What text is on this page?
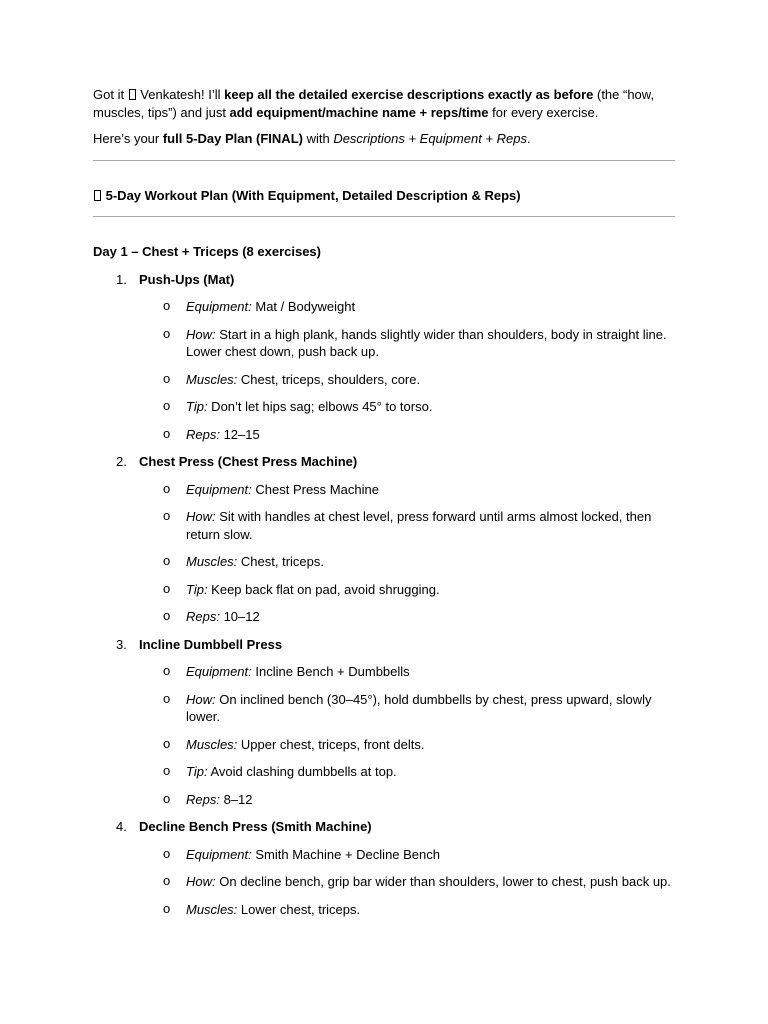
Got it  Venkatesh! I’ll keep all the detailed exercise descriptions exactly as before (the “how, muscles, tips”) and just add equipment/machine name + reps/time for every exercise.

Here’s your full 5-Day Plan (FINAL) with Descriptions + Equipment + Reps.

5-Day Workout Plan (With Equipment, Detailed Description & Reps)

Day 1 – Chest + Triceps (8 exercises)

1. Push-Ups (Mat)
o Equipment: Mat / Bodyweight
o How: Start in a high plank, hands slightly wider than shoulders, body in straight line. Lower chest down, push back up.
o Muscles: Chest, triceps, shoulders, core.
o Tip: Don’t let hips sag; elbows 45° to torso.
o Reps: 12–15
2. Chest Press (Chest Press Machine)
o Equipment: Chest Press Machine
o How: Sit with handles at chest level, press forward until arms almost locked, then return slow.
o Muscles: Chest, triceps.
o Tip: Keep back flat on pad, avoid shrugging.
o Reps: 10–12
3. Incline Dumbbell Press
o Equipment: Incline Bench + Dumbbells
o How: On inclined bench (30–45°), hold dumbbells by chest, press upward, slowly lower.
o Muscles: Upper chest, triceps, front delts.
o Tip: Avoid clashing dumbbells at top.
o Reps: 8–12
4. Decline Bench Press (Smith Machine)
o Equipment: Smith Machine + Decline Bench
o How: On decline bench, grip bar wider than shoulders, lower to chest, push back up.
o Muscles: Lower chest, triceps.
